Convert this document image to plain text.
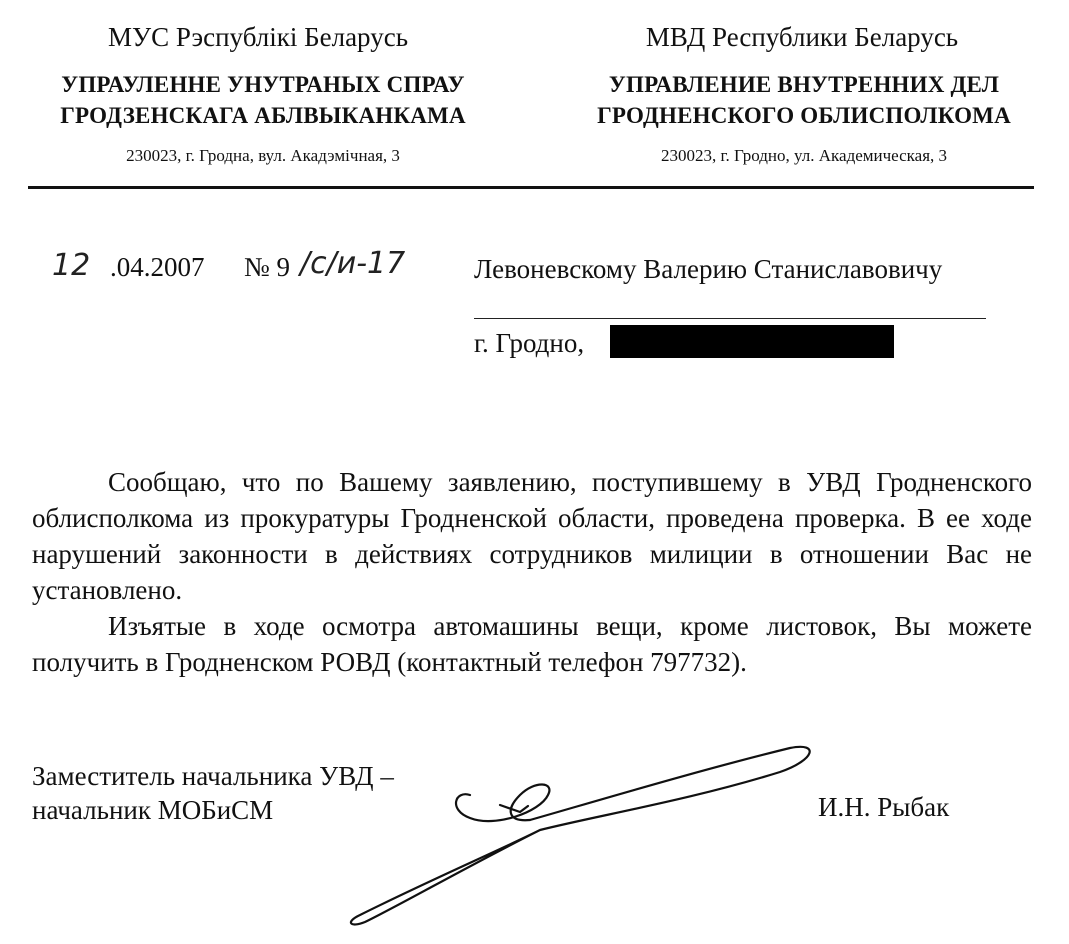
МУС Рэспублікі Беларусь
УПРАУЛЕННЕ УНУТРАНЫХ СПРАУ
ГРОДЗЕНСКАГА АБЛВЫКАНКАМА
230023, г. Гродна, вул. Акадэмічная, 3
МВД Республики Беларусь
УПРАВЛЕНИЕ ВНУТРЕННИХ ДЕЛ
ГРОДНЕНСКОГО ОБЛИСПОЛКОМА
230023, г. Гродно, ул. Академическая, 3
12 .04.2007 № 9 /с/и-17	Левоневскому Валерию Станиславовичу
г. Гродно,

Сообщаю, что по Вашему заявлению, поступившему в УВД Гродненского облисполкома из прокуратуры Гродненской области, проведена проверка. В ее ходе нарушений законности в действиях сотрудников милиции в отношении Вас не установлено.

Изъятые в ходе осмотра автомашины вещи, кроме листовок, Вы можете получить в Гродненском РОВД (контактный телефон 797732).

Заместитель начальника УВД –
начальник МОБиСМ	И.Н. Рыбак
